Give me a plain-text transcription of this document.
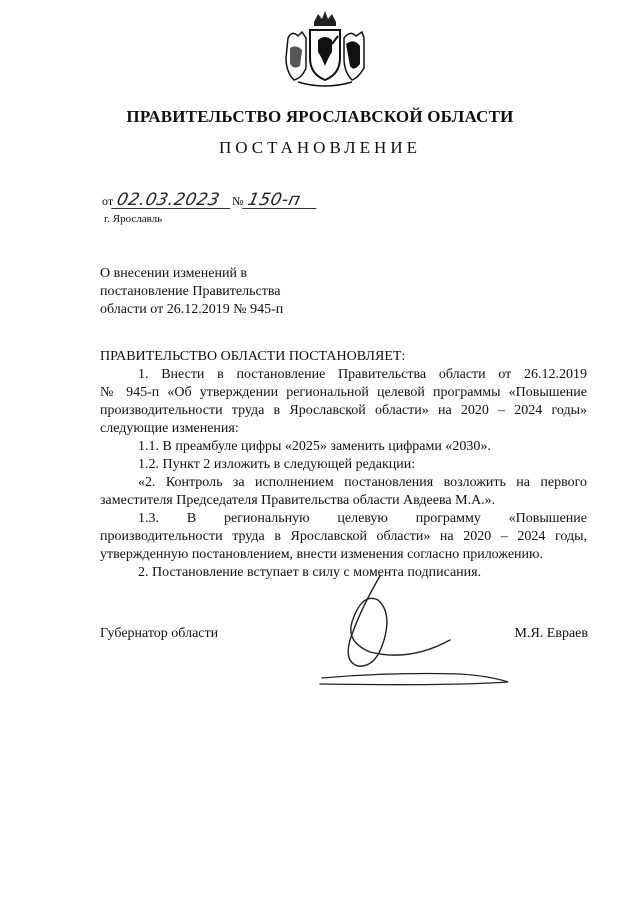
ПРАВИТЕЛЬСТВО ЯРОСЛАВСКОЙ ОБЛАСТИ
ПОСТАНОВЛЕНИЕ
от 02.03.2023 № 150-п
г. Ярославль
О внесении изменений в
постановление Правительства
области от 26.12.2019 № 945-п

ПРАВИТЕЛЬСТВО ОБЛАСТИ ПОСТАНОВЛЯЕТ:

1. Внести в постановление Правительства области от 26.12.2019

№ 945-п «Об утверждении региональной целевой программы «Повышение

производительности труда в Ярославской области» на 2020 – 2024 годы»

следующие изменения:

1.1. В преамбуле цифры «2025» заменить цифрами «2030».

1.2. Пункт 2 изложить в следующей редакции:

«2. Контроль за исполнением постановления возложить на первого

заместителя Председателя Правительства области Авдеева М.А.».

1.3. В региональную целевую программу «Повышение

производительности труда в Ярославской области» на 2020 – 2024 годы,

утвержденную постановлением, внести изменения согласно приложению.

2. Постановление вступает в силу с момента подписания.

Губернатор области	М.Я. Евраев
